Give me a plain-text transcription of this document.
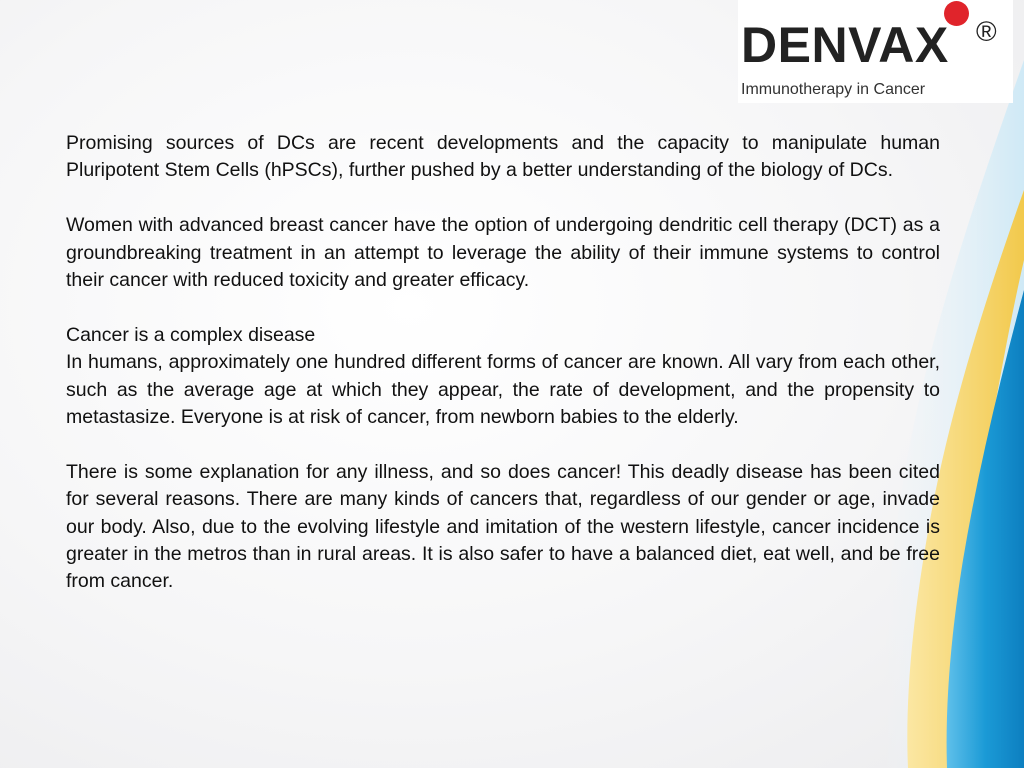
DENVAX ®
Immunotherapy in Cancer

Promising sources of DCs are recent developments and the capacity to manipulate human Pluripotent Stem Cells (hPSCs), further pushed by a better understanding of the biology of DCs.

Women with advanced breast cancer have the option of undergoing dendritic cell therapy (DCT) as a groundbreaking treatment in an attempt to leverage the ability of their immune systems to control their cancer with reduced toxicity and greater efficacy.

Cancer is a complex disease
In humans, approximately one hundred different forms of cancer are known. All vary from each other, such as the average age at which they appear, the rate of development, and the propensity to metastasize. Everyone is at risk of cancer, from newborn babies to the elderly.

There is some explanation for any illness, and so does cancer! This deadly disease has been cited for several reasons. There are many kinds of cancers that, regardless of our gender or age, invade our body. Also, due to the evolving lifestyle and imitation of the western lifestyle, cancer incidence is greater in the metros than in rural areas. It is also safer to have a balanced diet, eat well, and be free from cancer.
